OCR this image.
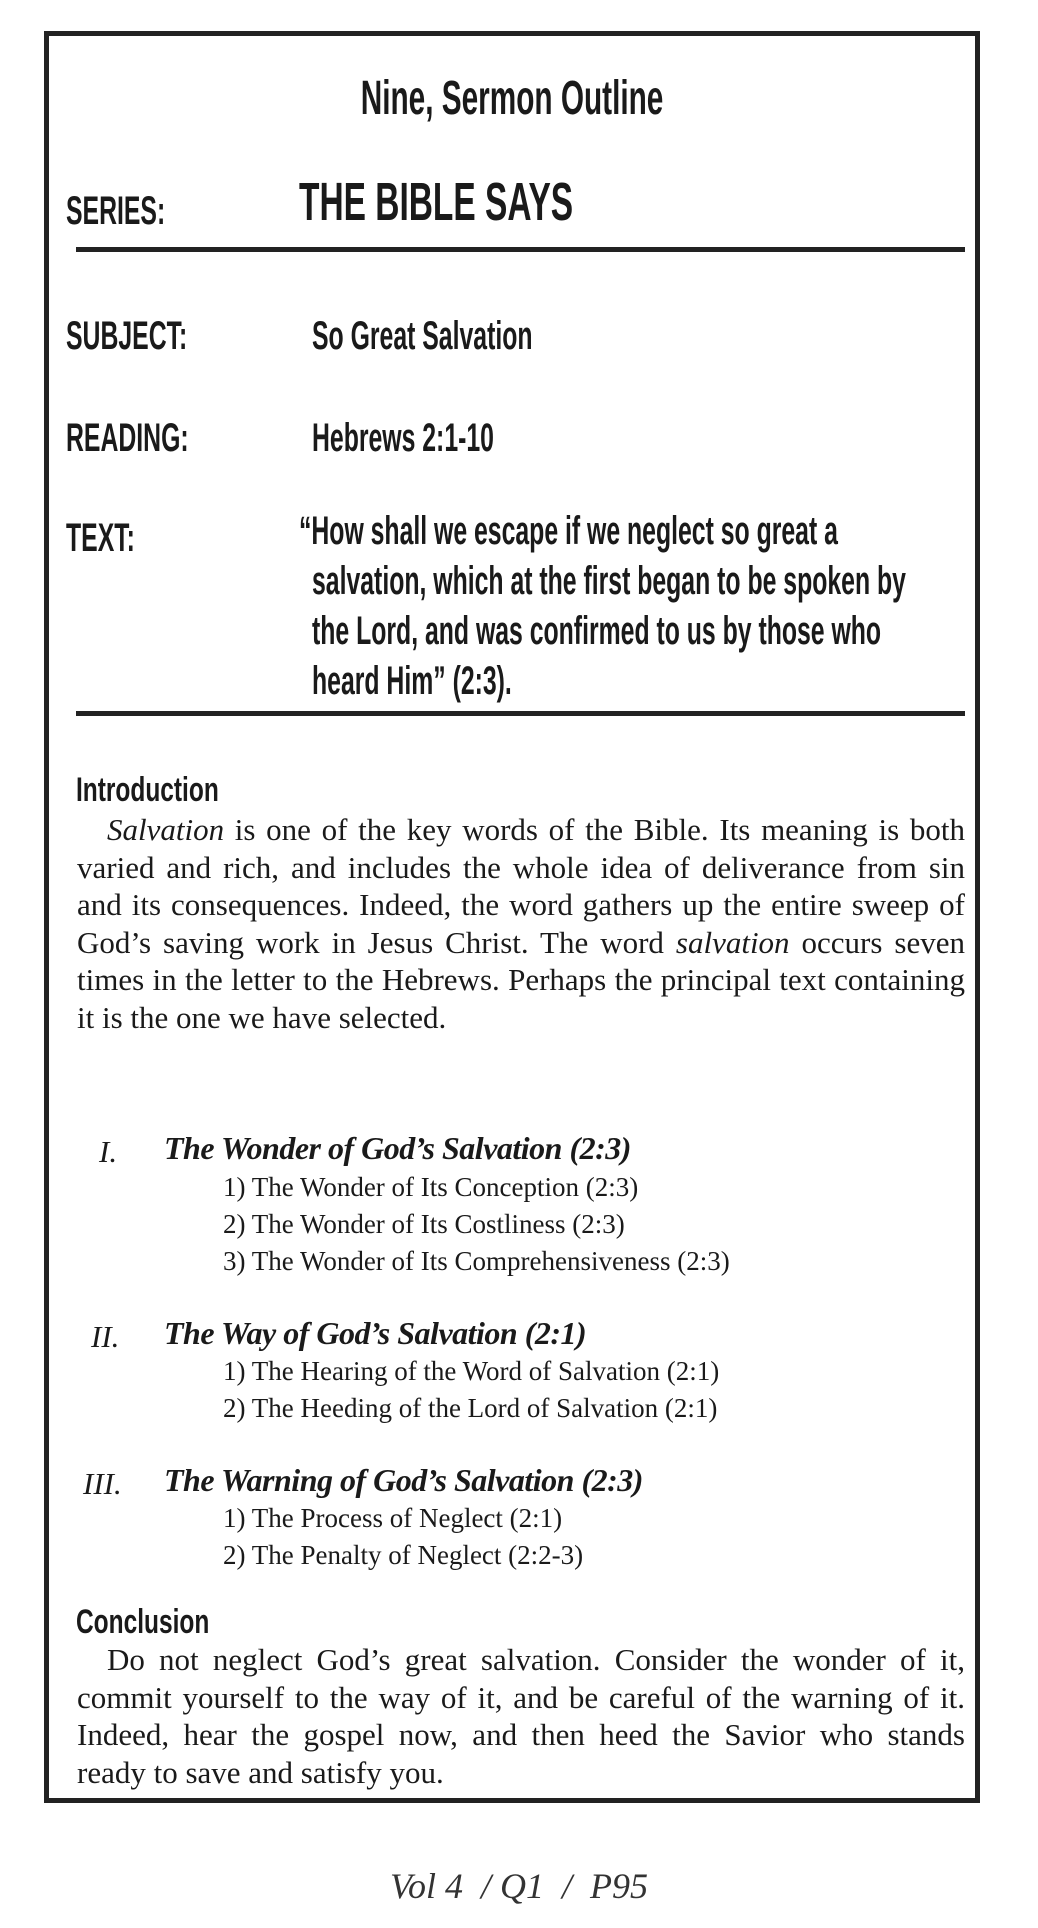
Nine, Sermon Outline
SERIES:	THE BIBLE SAYS
SUBJECT:	So Great Salvation
READING:	Hebrews 2:1-10
TEXT:	“How shall we escape if we neglect so great a
salvation, which at the first began to be spoken by
the Lord, and was confirmed to us by those who
heard Him” (2:3).
Introduction

Salvation is one of the key words of the Bible. Its meaning is both varied and rich, and includes the whole idea of deliverance from sin and its consequences. Indeed, the word gathers up the entire sweep of God’s saving work in Jesus Christ. The word salvation occurs seven times in the letter to the Hebrews. Perhaps the principal text containing it is the one we have selected.

I. The Wonder of God’s Salvation (2:3)
1) The Wonder of Its Conception (2:3)
2) The Wonder of Its Costliness (2:3)
3) The Wonder of Its Comprehensiveness (2:3)
II. The Way of God’s Salvation (2:1)
1) The Hearing of the Word of Salvation (2:1)
2) The Heeding of the Lord of Salvation (2:1)
III. The Warning of God’s Salvation (2:3)
1) The Process of Neglect (2:1)
2) The Penalty of Neglect (2:2-3)
Conclusion

Do not neglect God’s great salvation. Consider the wonder of it, commit yourself to the way of it, and be careful of the warning of it. Indeed, hear the gospel now, and then heed the Savior who stands ready to save and satisfy you.

Vol 4  / Q1  /  P95
